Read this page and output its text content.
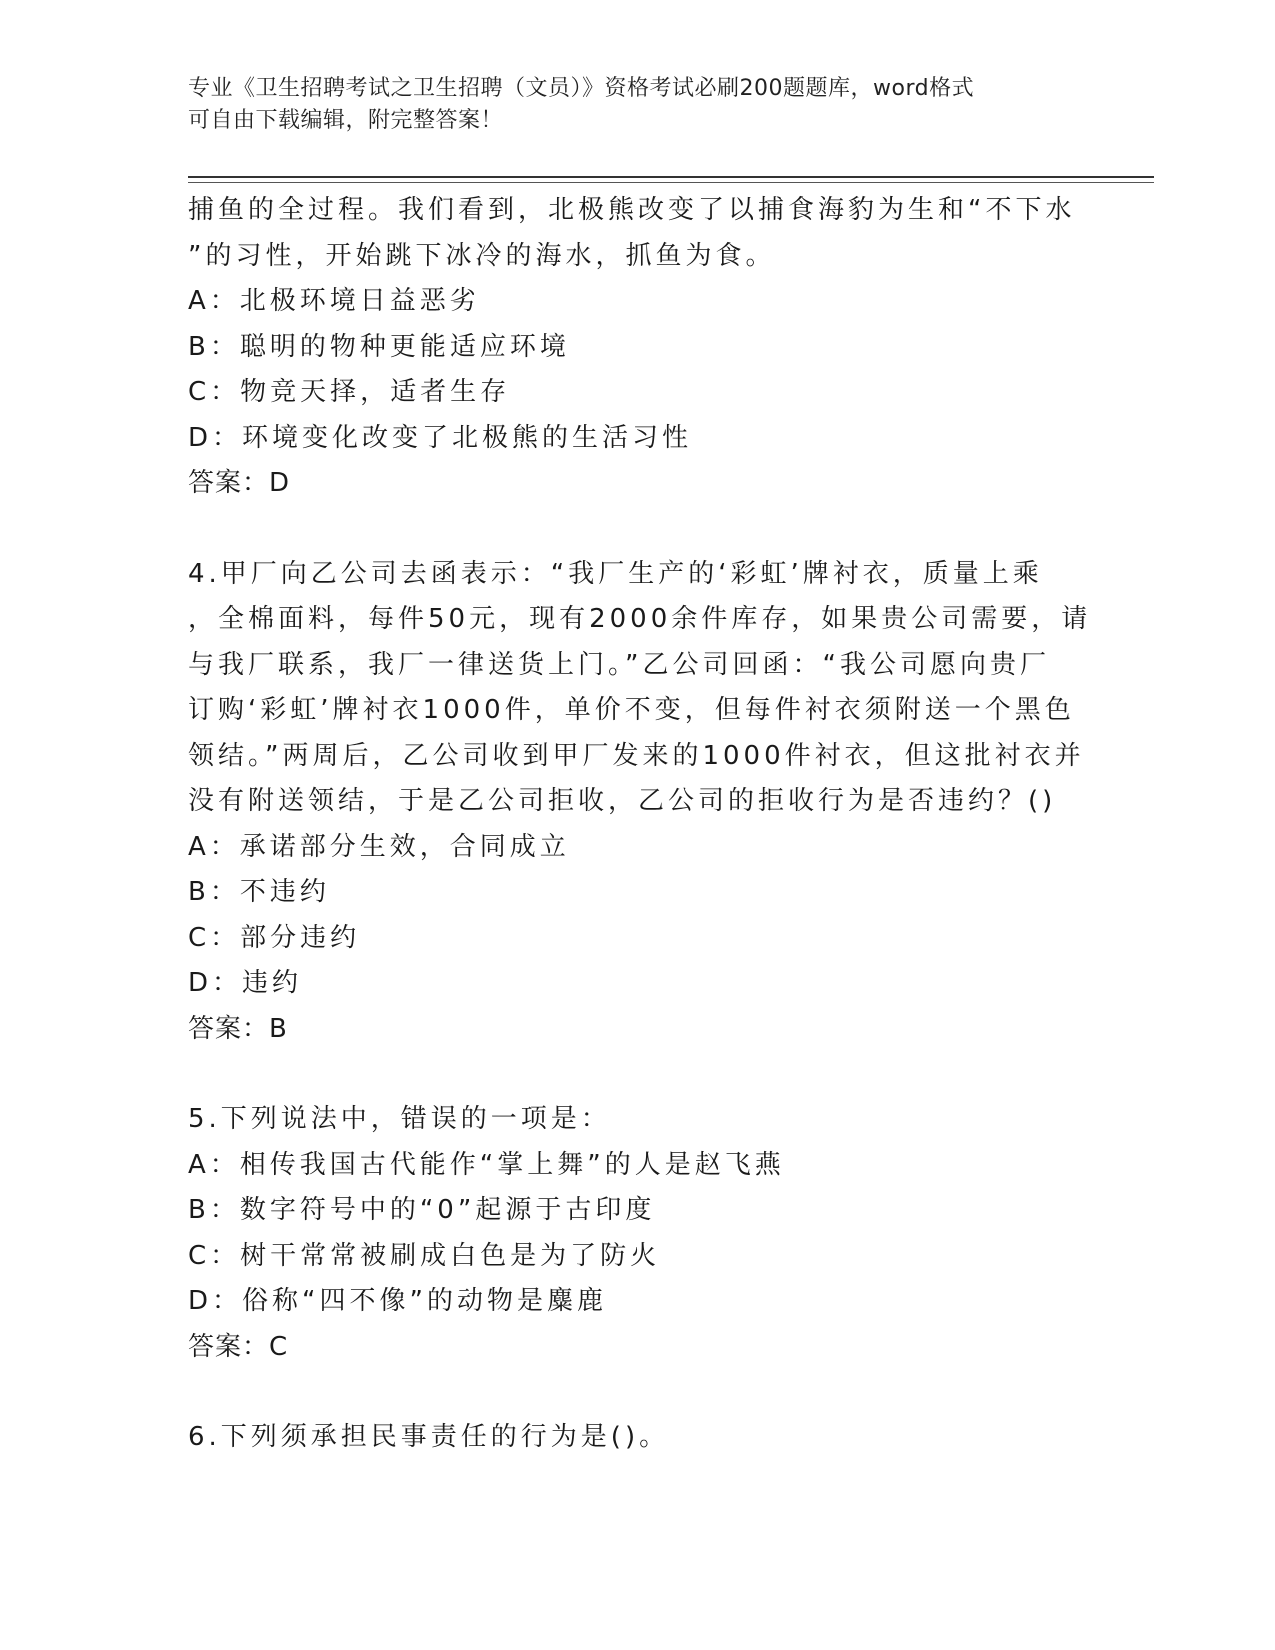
专业《卫生招聘考试之卫生招聘（文员）》资格考试必刷200题题库，word格式
可自由下载编辑，附完整答案！
捕鱼的全过程。我们看到，北极熊改变了以捕食海豹为生和“不下水
”的习性，开始跳下冰冷的海水，抓鱼为食。
A：北极环境日益恶劣
B：聪明的物种更能适应环境
C：物竞天择，适者生存
D：环境变化改变了北极熊的生活习性
答案：D
4.甲厂向乙公司去函表示：“我厂生产的‘彩虹’牌衬衣，质量上乘
，全棉面料，每件50元，现有2000余件库存，如果贵公司需要，请
与我厂联系，我厂一律送货上门。”乙公司回函：“我公司愿向贵厂
订购‘彩虹’牌衬衣1000件，单价不变，但每件衬衣须附送一个黑色
领结。”两周后，乙公司收到甲厂发来的1000件衬衣，但这批衬衣并
没有附送领结，于是乙公司拒收，乙公司的拒收行为是否违约？()
A：承诺部分生效，合同成立
B：不违约
C：部分违约
D：违约
答案：B
5.下列说法中，错误的一项是：
A：相传我国古代能作“掌上舞”的人是赵飞燕
B：数字符号中的“0”起源于古印度
C：树干常常被刷成白色是为了防火
D：俗称“四不像”的动物是麋鹿
答案：C
6.下列须承担民事责任的行为是()。
